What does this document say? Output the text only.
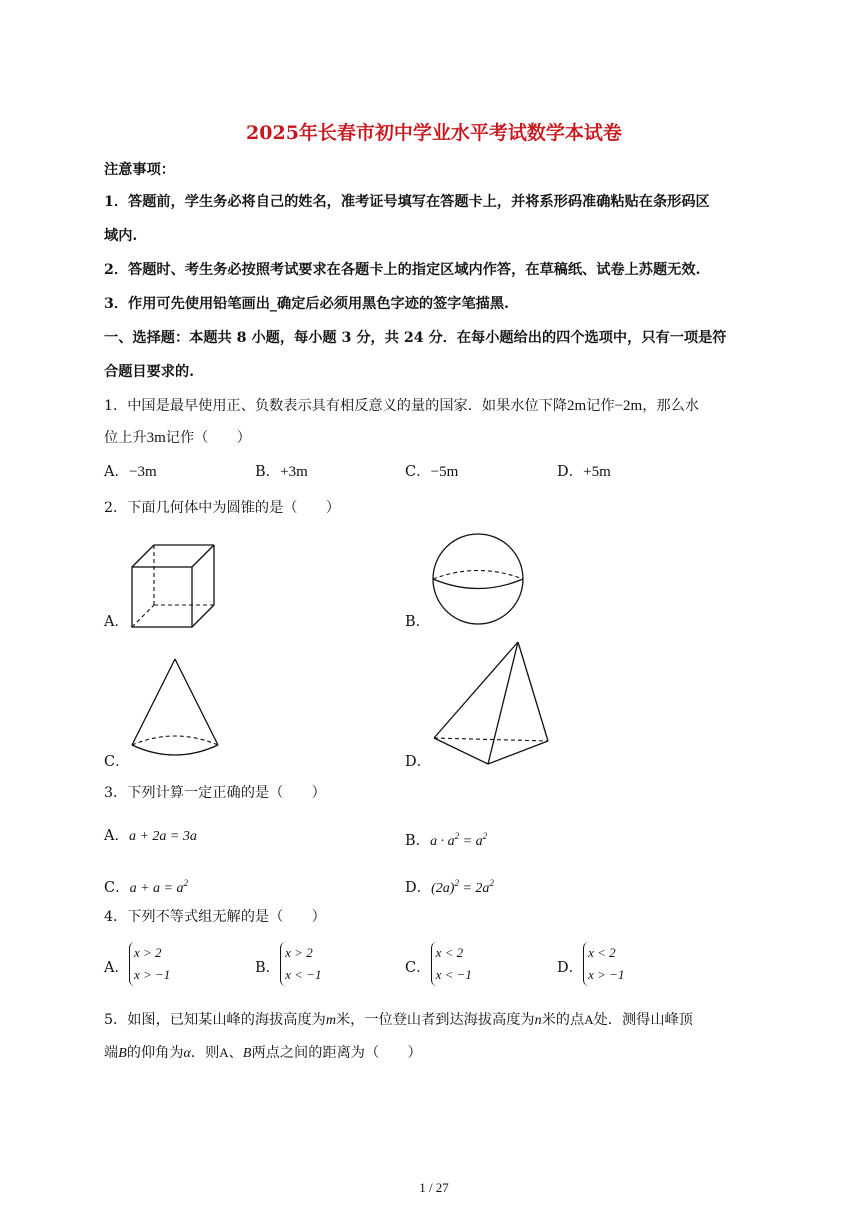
2025年长春市初中学业水平考试数学本试卷
注意事项：
1．答题前，学生务必将自己的姓名，准考证号填写在答题卡上，并将系形码准确粘贴在条形码区
域内.
2．答题时、考生务必按照考试要求在各题卡上的指定区域内作答，在草稿纸、试卷上苏题无效.
3．作用可先使用铅笔画出_确定后必须用黑色字迹的签字笔描黑.
一、选择题：本题共 8 小题，每小题 3 分，共 24 分．在每小题给出的四个选项中，只有一项是符
合题目要求的.
1．中国是最早使用正、负数表示具有相反意义的量的国家．如果水位下降2m记作−2m，那么水
位上升3m记作（　　）
A．−3m	B．+3m	C．−5m	D．+5m
2．下面几何体中为圆锥的是（　　）
A．	B．
C．	D．
3．下列计算一定正确的是（　　）
A．a + 2a = 3a	B．$a \cdot a^2 = a^2$
C．$a + a = a^2$	D．$(2a)^2 = 2a^2$
4．下列不等式组无解的是（　　）
A．x > 2
x > −1	B．x > 2
x < −1	C．x < 2
x < −1	D．x < 2
x > −1
5．如图，已知某山峰的海拔高度为m米，一位登山者到达海拔高度为n米的点A处．测得山峰顶
端B的仰角为α．则A、B两点之间的距离为（　　）
1 / 27
